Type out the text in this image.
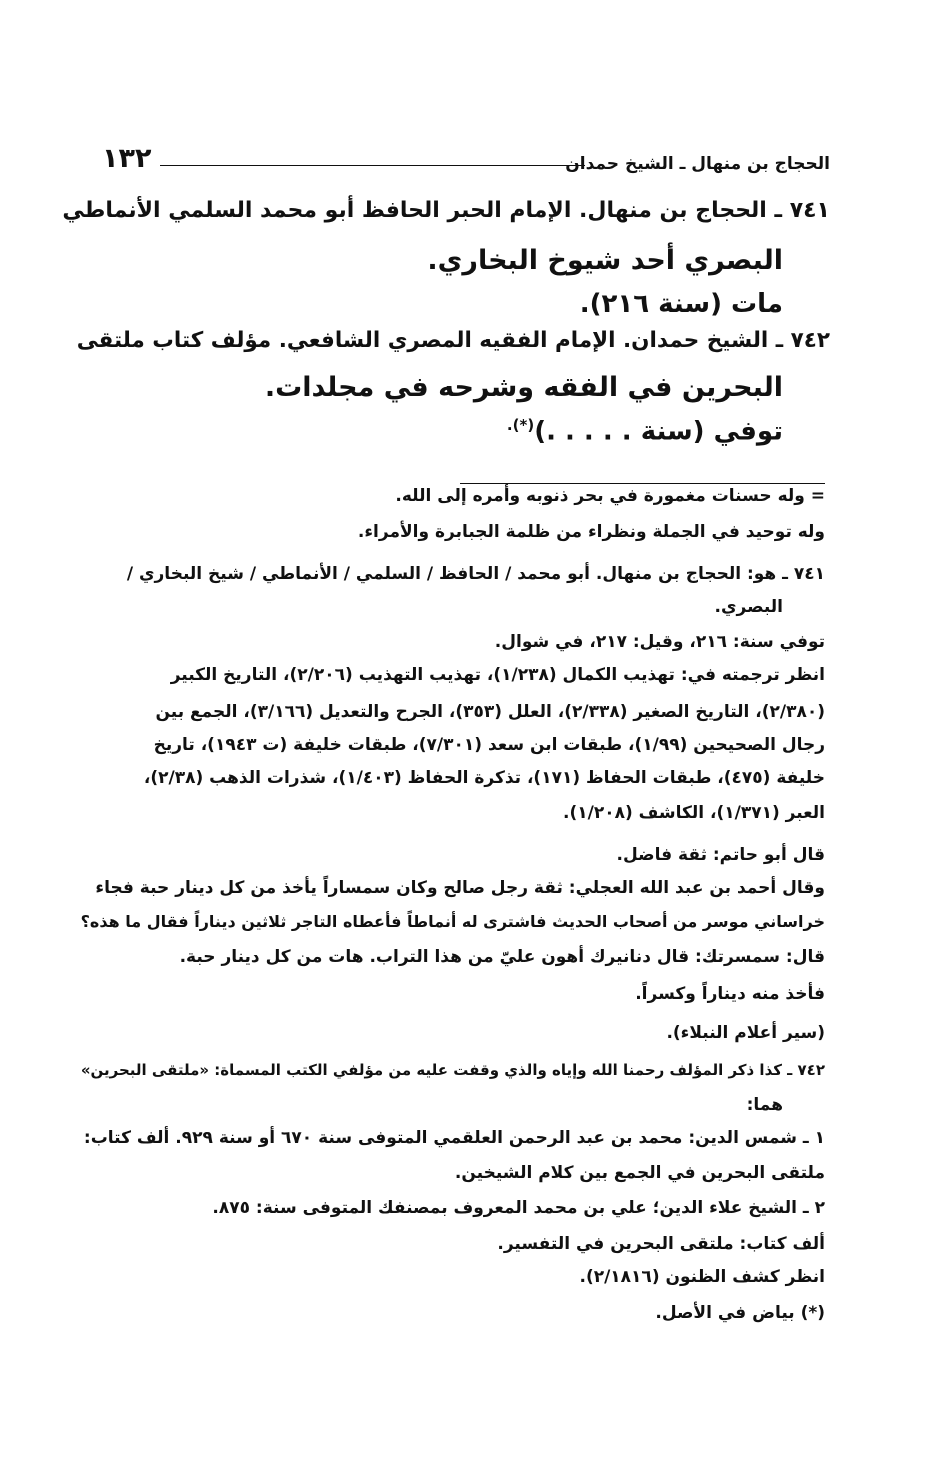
الحجاج بن منهال ـ الشيخ حمدان
١٣٢
٧٤١ ـ الحجاج بن منهال. الإمام الحبر الحافظ أبو محمد السلمي الأنماطي
البصري أحد شيوخ البخاري.
مات (سنة ٢١٦).
٧٤٢ ـ الشيخ حمدان. الإمام الفقيه المصري الشافعي. مؤلف كتاب ملتقى
البحرين في الفقه وشرحه في مجلدات.
توفي (سنة . . . . .)(*).
= وله حسنات مغمورة في بحر ذنوبه وأمره إلى الله.
وله توحيد في الجملة ونظراء من ظلمة الجبابرة والأمراء.
٧٤١ ـ هو: الحجاج بن منهال. أبو محمد / الحافظ / السلمي / الأنماطي / شيخ البخاري /
البصري.
توفي سنة: ٢١٦، وقيل: ٢١٧، في شوال.
انظر ترجمته في: تهذيب الكمال (١/٢٣٨)، تهذيب التهذيب (٢/٢٠٦)، التاريخ الكبير
(٢/٣٨٠)، التاريخ الصغير (٢/٣٣٨)، العلل (٣٥٣)، الجرح والتعديل (٣/١٦٦)، الجمع بين
رجال الصحيحين (١/٩٩)، طبقات ابن سعد (٧/٣٠١)، طبقات خليفة (ت ١٩٤٣)، تاريخ
خليفة (٤٧٥)، طبقات الحفاظ (١٧١)، تذكرة الحفاظ (١/٤٠٣)، شذرات الذهب (٢/٣٨)،
العبر (١/٣٧١)، الكاشف (١/٢٠٨).
قال أبو حاتم: ثقة فاضل.
وقال أحمد بن عبد الله العجلي: ثقة رجل صالح وكان سمساراً يأخذ من كل دينار حبة فجاء
خراساني موسر من أصحاب الحديث فاشترى له أنماطاً فأعطاه التاجر ثلاثين ديناراً فقال ما هذه؟
قال: سمسرتك: قال دنانيرك أهون عليّ من هذا التراب. هات من كل دينار حبة.
فأخذ منه ديناراً وكسراً.
(سير أعلام النبلاء).
٧٤٢ ـ كذا ذكر المؤلف رحمنا الله وإياه والذي وقفت عليه من مؤلفي الكتب المسماة: «ملتقى البحرين»
هما:
١ ـ شمس الدين: محمد بن عبد الرحمن العلقمي المتوفى سنة ٦٧٠ أو سنة ٩٢٩. ألف كتاب:
ملتقى البحرين في الجمع بين كلام الشيخين.
٢ ـ الشيخ علاء الدين؛ علي بن محمد المعروف بمصنفك المتوفى سنة: ٨٧٥.
ألف كتاب: ملتقى البحرين في التفسير.
انظر كشف الظنون (٢/١٨١٦).
(*) بياض في الأصل.
